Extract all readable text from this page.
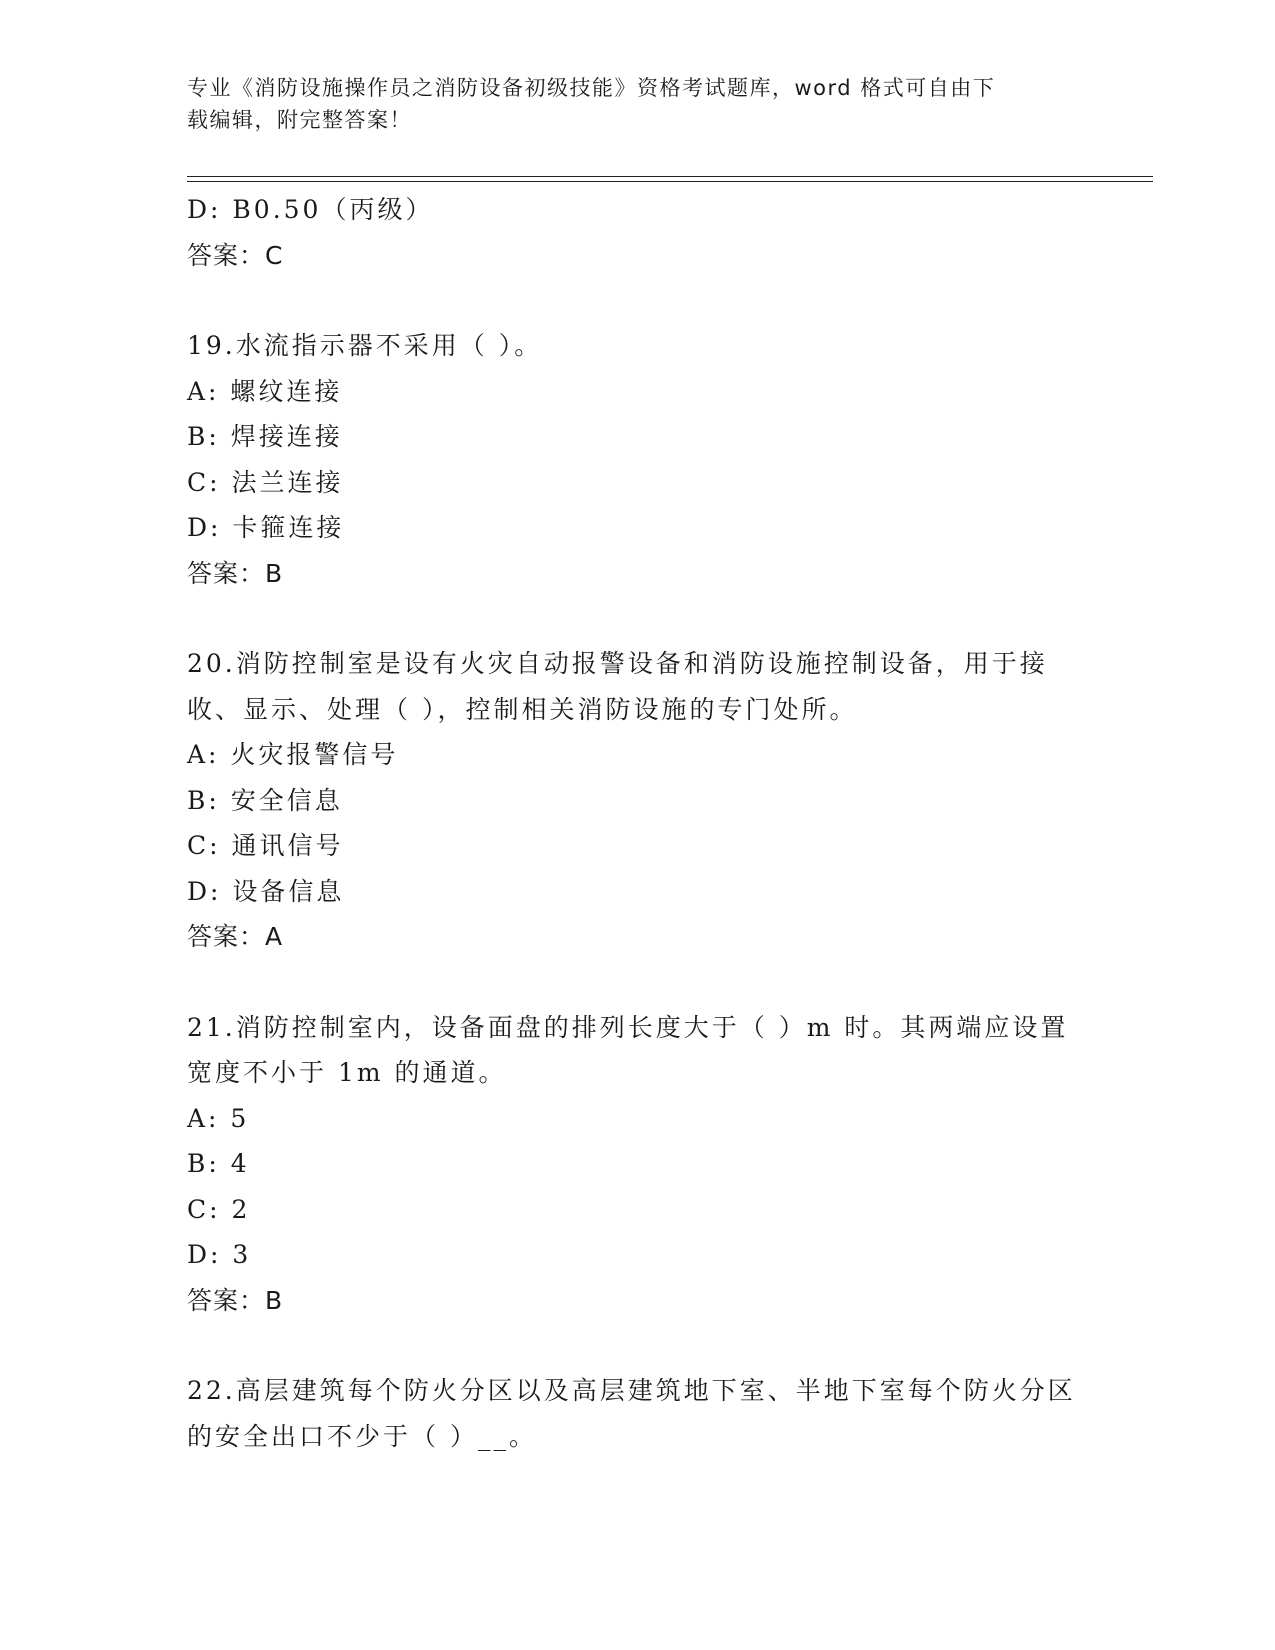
专业《消防设施操作员之消防设备初级技能》资格考试题库，word 格式可自由下
载编辑，附完整答案！
D: B0.50（丙级）
答案：C
19.水流指示器不采用（ ）。
A: 螺纹连接
B: 焊接连接
C: 法兰连接
D: 卡箍连接
答案：B
20.消防控制室是设有火灾自动报警设备和消防设施控制设备，用于接收、显示、处理（ ），控制相关消防设施的专门处所。
A: 火灾报警信号
B: 安全信息
C: 通讯信号
D: 设备信息
答案：A
21.消防控制室内，设备面盘的排列长度大于（ ）m 时。其两端应设置宽度不小于 1m 的通道。
A: 5
B: 4
C: 2
D: 3
答案：B
22.高层建筑每个防火分区以及高层建筑地下室、半地下室每个防火分区的安全出口不少于（ ）__。
